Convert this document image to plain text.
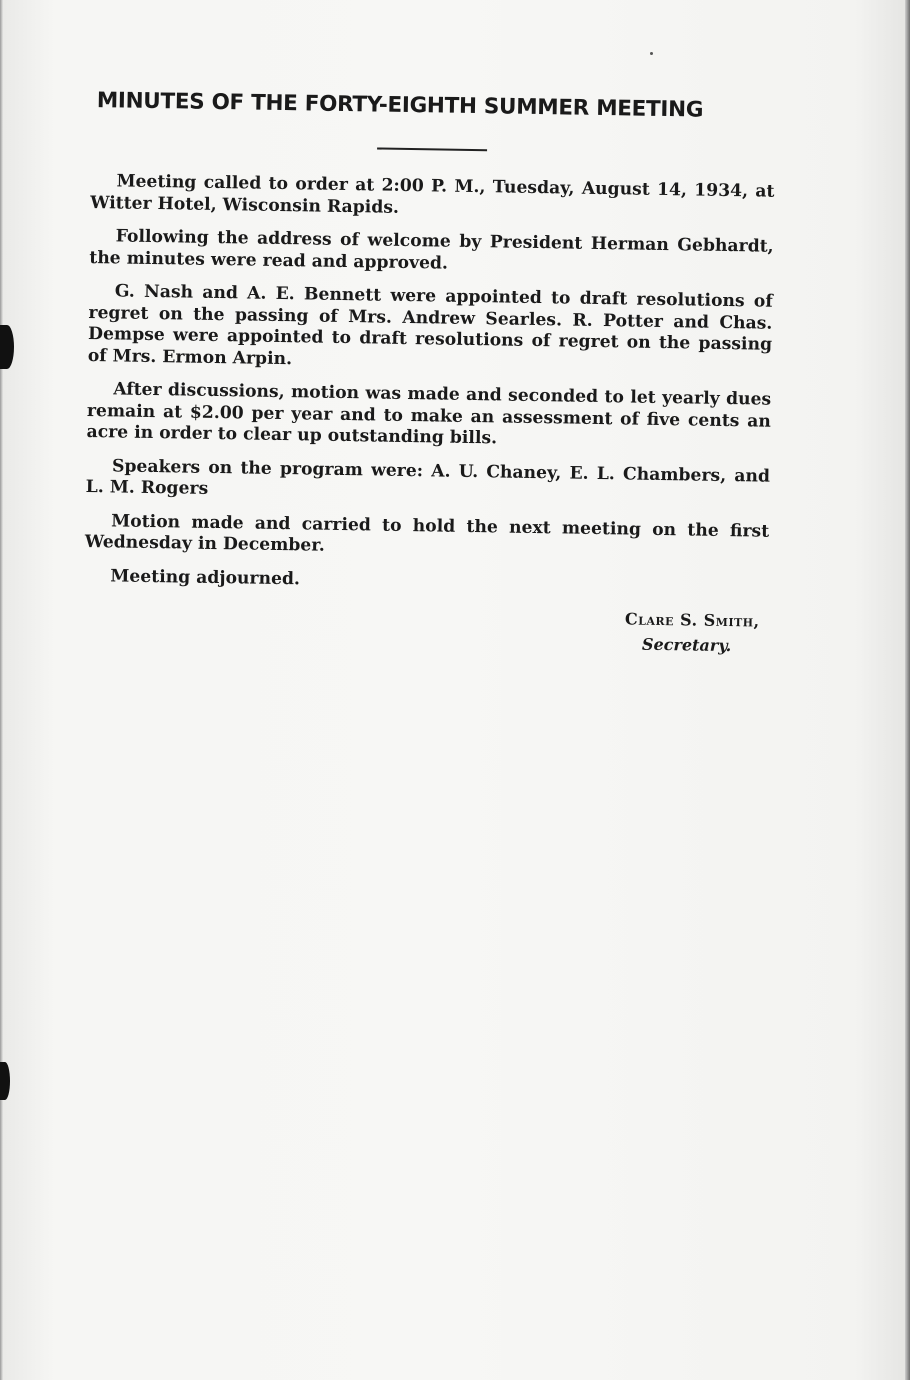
MINUTES OF THE FORTY-EIGHTH SUMMER MEETING

Meeting called to order at 2:00 P. M., Tuesday, August 14, 1934, at Witter Hotel, Wisconsin Rapids.

Following the address of welcome by President Herman Gebhardt, the minutes were read and approved.

G. Nash and A. E. Bennett were appointed to draft resolutions of regret on the passing of Mrs. Andrew Searles. R. Potter and Chas. Dempse were appointed to draft resolutions of regret on the passing of Mrs. Ermon Arpin.

After discussions, motion was made and seconded to let yearly dues remain at $2.00 per year and to make an assessment of five cents an acre in order to clear up outstanding bills.

Speakers on the program were: A. U. Chaney, E. L. Chambers, and L. M. Rogers

Motion made and carried to hold the next meeting on the first Wednesday in December.

Meeting adjourned.

Clare S. Smith,
Secretary.
